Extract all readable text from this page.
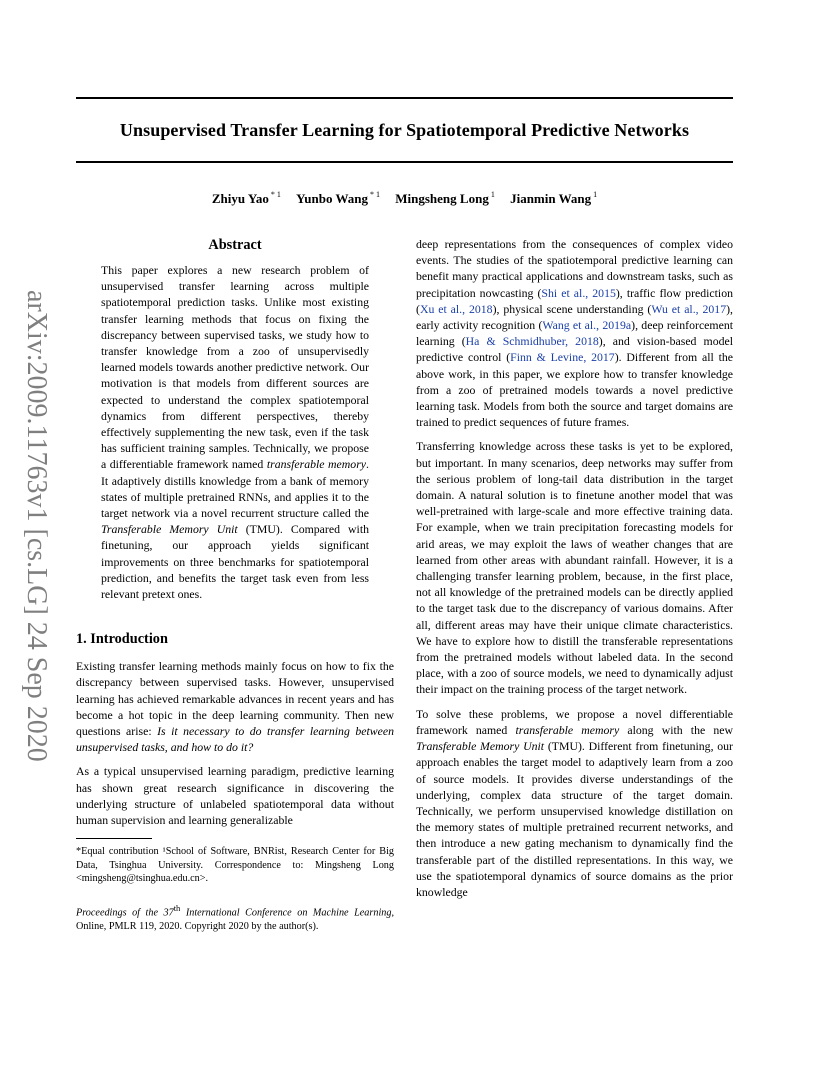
Unsupervised Transfer Learning for Spatiotemporal Predictive Networks
Zhiyu Yao $^{* 1}$ Yunbo Wang $^{* 1}$ Mingsheng Long $^1$ Jianmin Wang $^1$
arXiv:2009.11763v1 [cs.LG] 24 Sep 2020
Abstract

This paper explores a new research problem of unsupervised transfer learning across multiple spatiotemporal prediction tasks. Unlike most existing transfer learning methods that focus on fixing the discrepancy between supervised tasks, we study how to transfer knowledge from a zoo of unsupervisedly learned models towards another predictive network. Our motivation is that models from different sources are expected to understand the complex spatiotemporal dynamics from different perspectives, thereby effectively supplementing the new task, even if the task has sufficient training samples. Technically, we propose a differentiable framework named transferable memory. It adaptively distills knowledge from a bank of memory states of multiple pretrained RNNs, and applies it to the target network via a novel recurrent structure called the Transferable Memory Unit (TMU). Compared with finetuning, our approach yields significant improvements on three benchmarks for spatiotemporal prediction, and benefits the target task even from less relevant pretext ones.

1. Introduction

Existing transfer learning methods mainly focus on how to fix the discrepancy between supervised tasks. However, unsupervised learning has achieved remarkable advances in recent years and has become a hot topic in the deep learning community. Then new questions arise: Is it necessary to do transfer learning between unsupervised tasks, and how to do it?

As a typical unsupervised learning paradigm, predictive learning has shown great research significance in discovering the underlying structure of unlabeled spatiotemporal data without human supervision and learning generalizable

*Equal contribution ¹School of Software, BNRist, Research Center for Big Data, Tsinghua University. Correspondence to: Mingsheng Long <mingsheng@tsinghua.edu.cn>.
Proceedings of the 37th International Conference on Machine Learning, Online, PMLR 119, 2020. Copyright 2020 by the author(s).

deep representations from the consequences of complex video events. The studies of the spatiotemporal predictive learning can benefit many practical applications and downstream tasks, such as precipitation nowcasting (Shi et al., 2015), traffic flow prediction (Xu et al., 2018), physical scene understanding (Wu et al., 2017), early activity recognition (Wang et al., 2019a), deep reinforcement learning (Ha & Schmidhuber, 2018), and vision-based model predictive control (Finn & Levine, 2017). Different from all the above work, in this paper, we explore how to transfer knowledge from a zoo of pretrained models towards a novel predictive learning task. Models from both the source and target domains are trained to predict sequences of future frames.

Transferring knowledge across these tasks is yet to be explored, but important. In many scenarios, deep networks may suffer from the serious problem of long-tail data distribution in the target domain. A natural solution is to finetune another model that was well-pretrained with large-scale and more effective training data. For example, when we train precipitation forecasting models for arid areas, we may exploit the laws of weather changes that are learned from other areas with abundant rainfall. However, it is a challenging transfer learning problem, because, in the first place, not all knowledge of the pretrained models can be directly applied to the target task due to the discrepancy of various domains. After all, different areas may have their unique climate characteristics. We have to explore how to distill the transferable representations from the pretrained models without labeled data. In the second place, with a zoo of source models, we need to dynamically adjust their impact on the training process of the target network.

To solve these problems, we propose a novel differentiable framework named transferable memory along with the new Transferable Memory Unit (TMU). Different from finetuning, our approach enables the target model to adaptively learn from a zoo of source models. It provides diverse understandings of the underlying, complex data structure of the target domain. Technically, we perform unsupervised knowledge distillation on the memory states of multiple pretrained recurrent networks, and then introduce a new gating mechanism to dynamically find the transferable part of the distilled representations. In this way, we use the spatiotemporal dynamics of source domains as the prior knowledge
